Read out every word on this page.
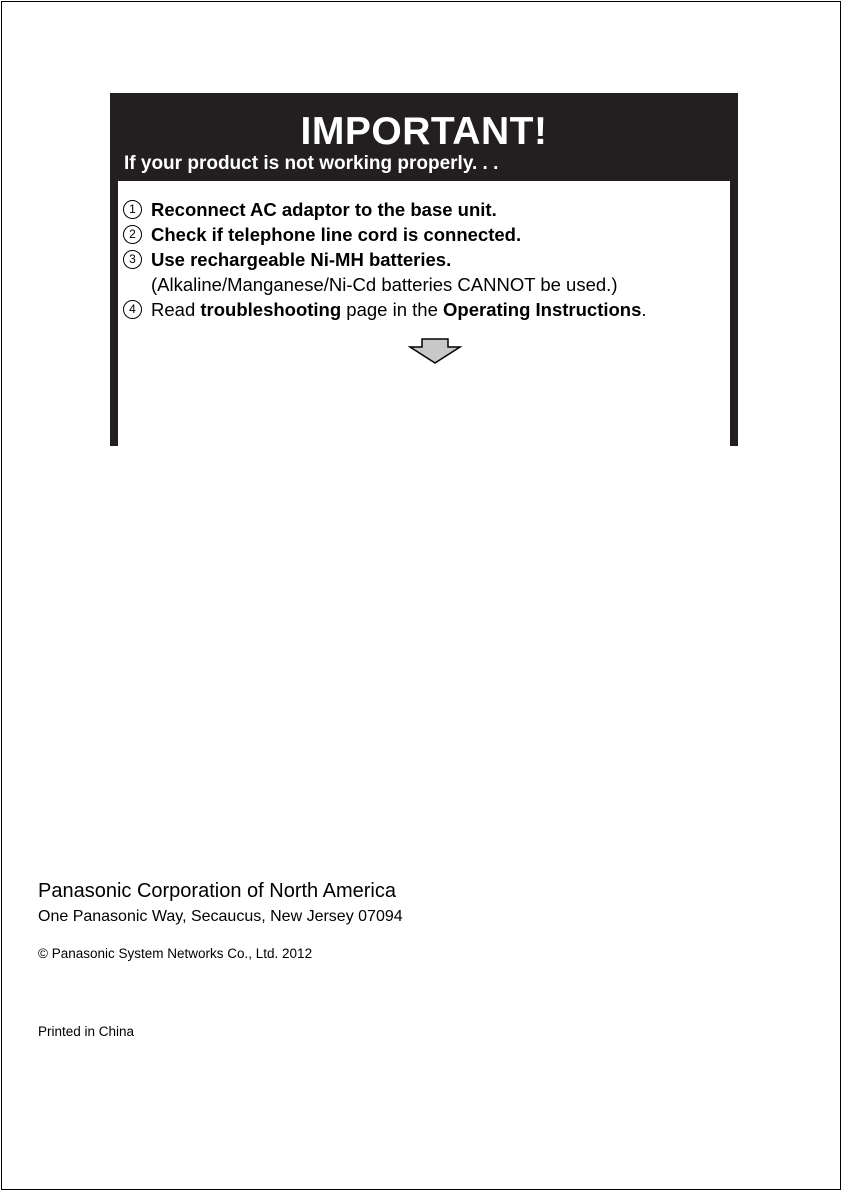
IMPORTANT!
If your product is not working properly. . .
1 Reconnect AC adaptor to the base unit.
2 Check if telephone line cord is connected.
3 Use rechargeable Ni-MH batteries.
(Alkaline/Manganese/Ni-Cd batteries CANNOT be used.)
4 Read troubleshooting page in the Operating Instructions.
Visit our Web site: http://www.panasonic.com/help
FAQ and troubleshooting hints are available.
Panasonic Corporation of North America
One Panasonic Way, Secaucus, New Jersey 07094
© Panasonic System Networks Co., Ltd. 2012
Printed in China
